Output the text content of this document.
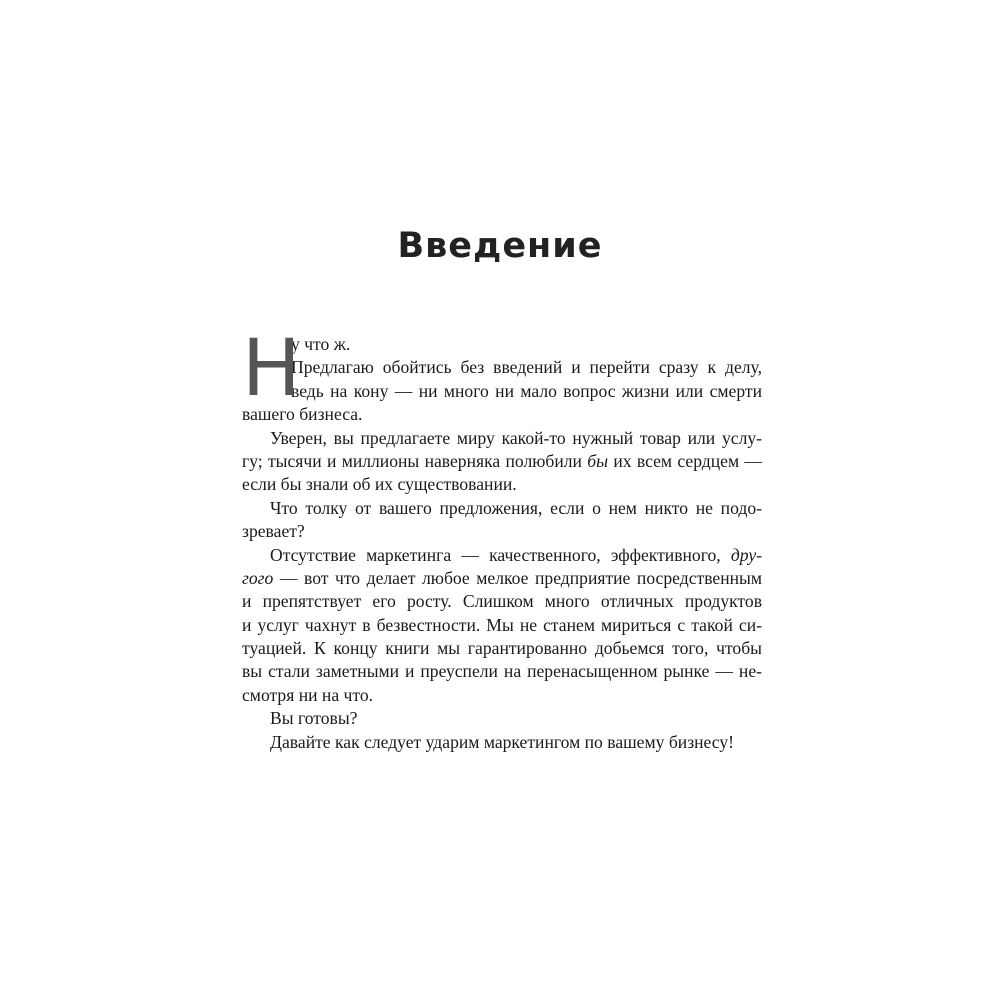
Введение
Н
у что ж.
Предлагаю обойтись без введений и перейти сразу к делу,
ведь на кону — ни много ни мало вопрос жизни или смерти
вашего бизнеса.
Уверен, вы предлагаете миру какой-то нужный товар или услу-
гу; тысячи и миллионы наверняка полюбили бы их всем сердцем —
если бы знали об их существовании.
Что толку от вашего предложения, если о нем никто не подо-
зревает?
Отсутствие маркетинга — качественного, эффективного, дру-
гого — вот что делает любое мелкое предприятие посредственным
и препятствует его росту. Слишком много отличных продуктов
и услуг чахнут в безвестности. Мы не станем мириться с такой си-
туацией. К концу книги мы гарантированно добьемся того, чтобы
вы стали заметными и преуспели на перенасыщенном рынке — не-
смотря ни на что.
Вы готовы?
Давайте как следует ударим маркетингом по вашему бизнесу!
